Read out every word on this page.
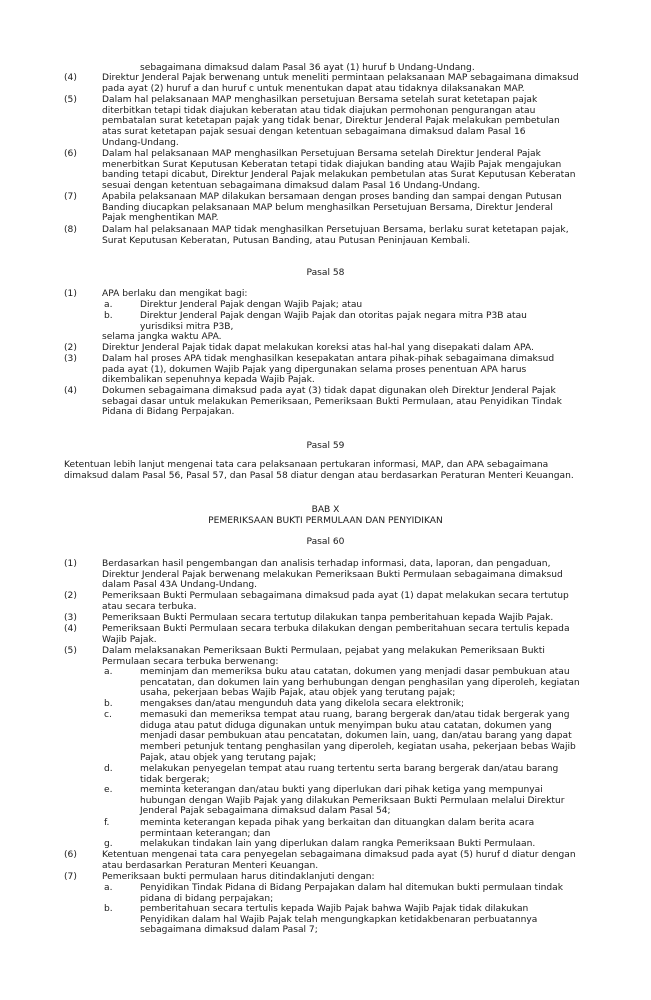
sebagaimana dimaksud dalam Pasal 36 ayat (1) huruf b Undang-Undang.
(4)	Direktur Jenderal Pajak berwenang untuk meneliti permintaan pelaksanaan MAP sebagaimana dimaksud
pada ayat (2) huruf a dan huruf c untuk menentukan dapat atau tidaknya dilaksanakan MAP.
(5)	Dalam hal pelaksanaan MAP menghasilkan persetujuan Bersama setelah surat ketetapan pajak
diterbitkan tetapi tidak diajukan keberatan atau tidak diajukan permohonan pengurangan atau
pembatalan surat ketetapan pajak yang tidak benar, Direktur Jenderal Pajak melakukan pembetulan
atas surat ketetapan pajak sesuai dengan ketentuan sebagaimana dimaksud dalam Pasal 16
Undang-Undang.
(6)	Dalam hal pelaksanaan MAP menghasilkan Persetujuan Bersama setelah Direktur Jenderal Pajak
menerbitkan Surat Keputusan Keberatan tetapi tidak diajukan banding atau Wajib Pajak mengajukan
banding tetapi dicabut, Direktur Jenderal Pajak melakukan pembetulan atas Surat Keputusan Keberatan
sesuai dengan ketentuan sebagaimana dimaksud dalam Pasal 16 Undang-Undang.
(7)	Apabila pelaksanaan MAP dilakukan bersamaan dengan proses banding dan sampai dengan Putusan
Banding diucapkan pelaksanaan MAP belum menghasilkan Persetujuan Bersama, Direktur Jenderal
Pajak menghentikan MAP.
(8)	Dalam hal pelaksanaan MAP tidak menghasilkan Persetujuan Bersama, berlaku surat ketetapan pajak,
Surat Keputusan Keberatan, Putusan Banding, atau Putusan Peninjauan Kembali.
Pasal 58
(1)	APA berlaku dan mengikat bagi:
a.	Direktur Jenderal Pajak dengan Wajib Pajak; atau
b.	Direktur Jenderal Pajak dengan Wajib Pajak dan otoritas pajak negara mitra P3B atau
yurisdiksi mitra P3B,
selama jangka waktu APA.
(2)	Direktur Jenderal Pajak tidak dapat melakukan koreksi atas hal-hal yang disepakati dalam APA.
(3)	Dalam hal proses APA tidak menghasilkan kesepakatan antara pihak-pihak sebagaimana dimaksud
pada ayat (1), dokumen Wajib Pajak yang dipergunakan selama proses penentuan APA harus
dikembalikan sepenuhnya kepada Wajib Pajak.
(4)	Dokumen sebagaimana dimaksud pada ayat (3) tidak dapat digunakan oleh Direktur Jenderal Pajak
sebagai dasar untuk melakukan Pemeriksaan, Pemeriksaan Bukti Permulaan, atau Penyidikan Tindak
Pidana di Bidang Perpajakan.
Pasal 59
Ketentuan lebih lanjut mengenai tata cara pelaksanaan pertukaran informasi, MAP, dan APA sebagaimana
dimaksud dalam Pasal 56, Pasal 57, dan Pasal 58 diatur dengan atau berdasarkan Peraturan Menteri Keuangan.
BAB X
PEMERIKSAAN BUKTI PERMULAAN DAN PENYIDIKAN
Pasal 60
(1)	Berdasarkan hasil pengembangan dan analisis terhadap informasi, data, laporan, dan pengaduan,
Direktur Jenderal Pajak berwenang melakukan Pemeriksaan Bukti Permulaan sebagaimana dimaksud
dalam Pasal 43A Undang-Undang.
(2)	Pemeriksaan Bukti Permulaan sebagaimana dimaksud pada ayat (1) dapat melakukan secara tertutup
atau secara terbuka.
(3)	Pemeriksaan Bukti Permulaan secara tertutup dilakukan tanpa pemberitahuan kepada Wajib Pajak.
(4)	Pemeriksaan Bukti Permulaan secara terbuka dilakukan dengan pemberitahuan secara tertulis kepada
Wajib Pajak.
(5)	Dalam melaksanakan Pemeriksaan Bukti Permulaan, pejabat yang melakukan Pemeriksaan Bukti
Permulaan secara terbuka berwenang:
a.	meminjam dan memeriksa buku atau catatan, dokumen yang menjadi dasar pembukuan atau
pencatatan, dan dokumen lain yang berhubungan dengan penghasilan yang diperoleh, kegiatan
usaha, pekerjaan bebas Wajib Pajak, atau objek yang terutang pajak;
b.	mengakses dan/atau mengunduh data yang dikelola secara elektronik;
c.	memasuki dan memeriksa tempat atau ruang, barang bergerak dan/atau tidak bergerak yang
diduga atau patut diduga digunakan untuk menyimpan buku atau catatan, dokumen yang
menjadi dasar pembukuan atau pencatatan, dokumen lain, uang, dan/atau barang yang dapat
memberi petunjuk tentang penghasilan yang diperoleh, kegiatan usaha, pekerjaan bebas Wajib
Pajak, atau objek yang terutang pajak;
d.	melakukan penyegelan tempat atau ruang tertentu serta barang bergerak dan/atau barang
tidak bergerak;
e.	meminta keterangan dan/atau bukti yang diperlukan dari pihak ketiga yang mempunyai
hubungan dengan Wajib Pajak yang dilakukan Pemeriksaan Bukti Permulaan melalui Direktur
Jenderal Pajak sebagaimana dimaksud dalam Pasal 54;
f.	meminta keterangan kepada pihak yang berkaitan dan dituangkan dalam berita acara
permintaan keterangan; dan
g.	melakukan tindakan lain yang diperlukan dalam rangka Pemeriksaan Bukti Permulaan.
(6)	Ketentuan mengenai tata cara penyegelan sebagaimana dimaksud pada ayat (5) huruf d diatur dengan
atau berdasarkan Peraturan Menteri Keuangan.
(7)	Pemeriksaan bukti permulaan harus ditindaklanjuti dengan:
a.	Penyidikan Tindak Pidana di Bidang Perpajakan dalam hal ditemukan bukti permulaan tindak
pidana di bidang perpajakan;
b.	pemberitahuan secara tertulis kepada Wajib Pajak bahwa Wajib Pajak tidak dilakukan
Penyidikan dalam hal Wajib Pajak telah mengungkapkan ketidakbenaran perbuatannya
sebagaimana dimaksud dalam Pasal 7;
